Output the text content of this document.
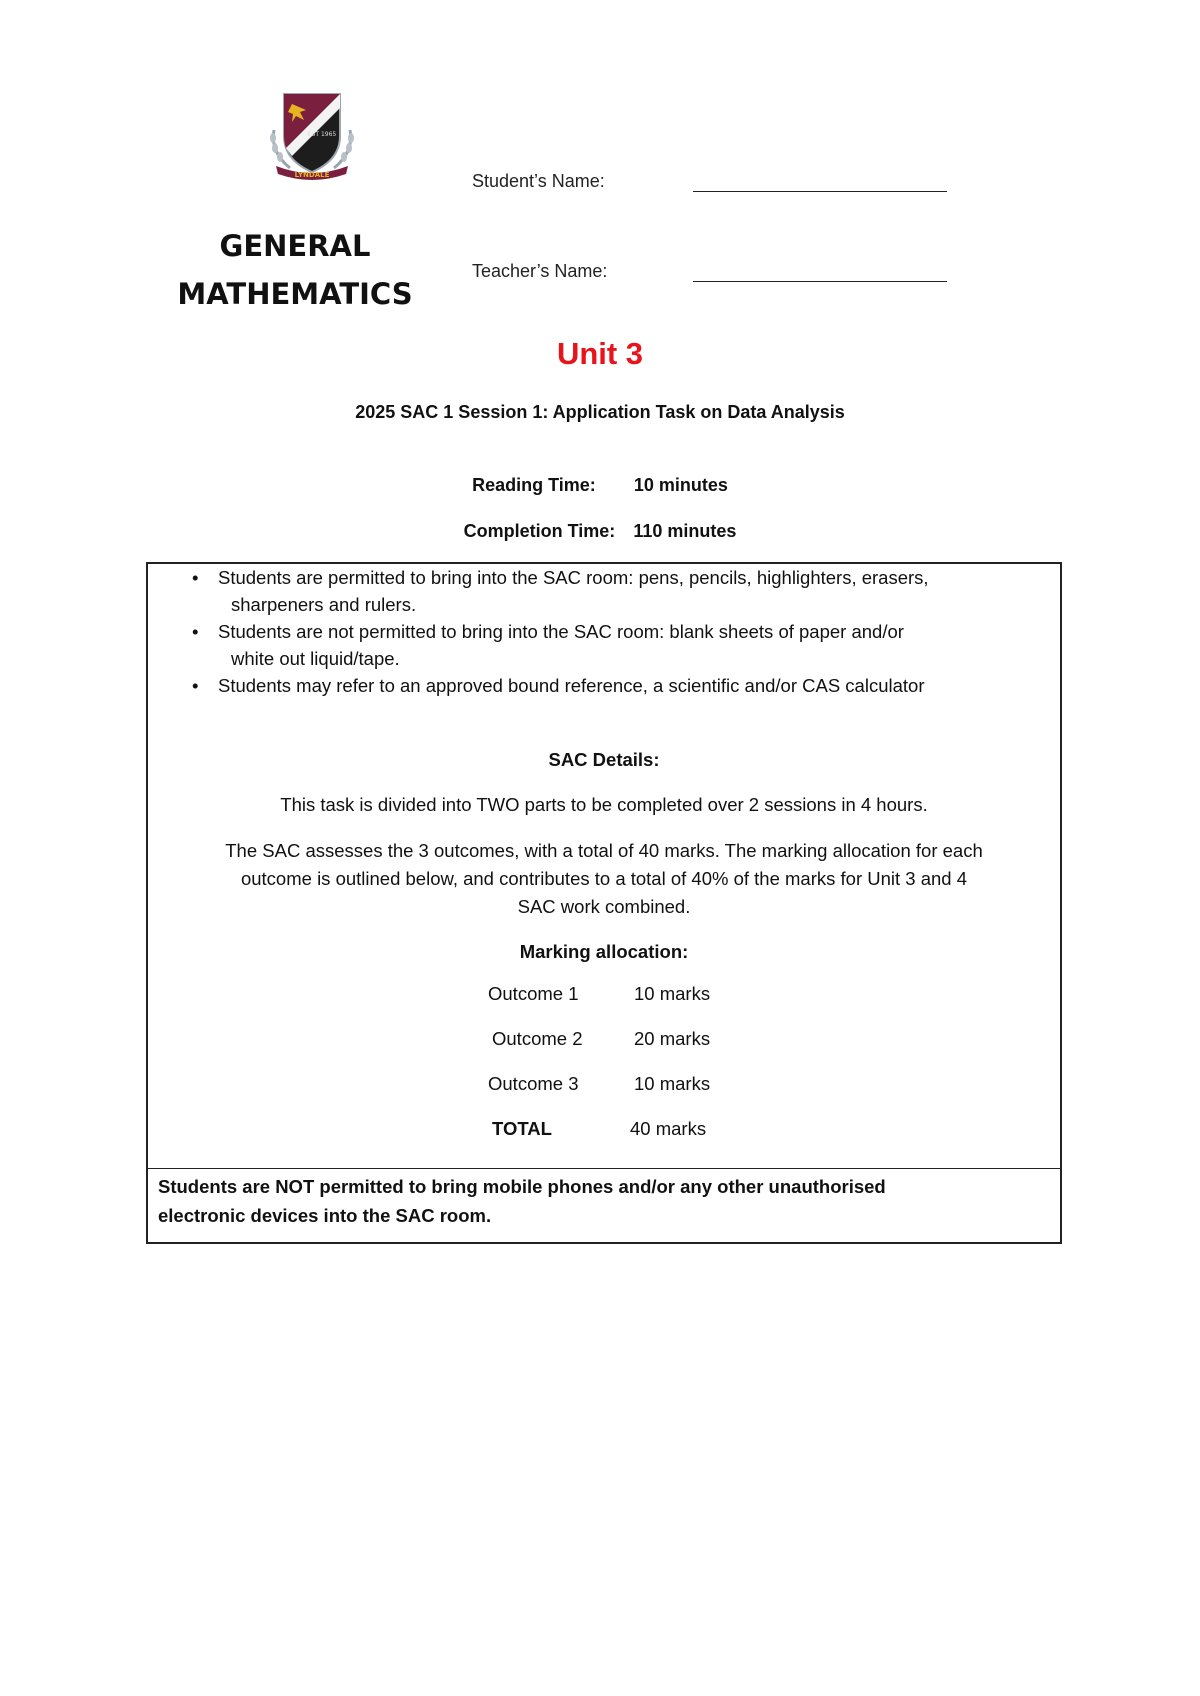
EST 1965
LYNDALE
GENERAL
MATHEMATICS
Student’s Name:
Teacher’s Name:
Unit 3
2025 SAC 1 Session 1: Application Task on Data Analysis
Reading Time: 10 minutes
Completion Time: 110 minutes
• Students are permitted to bring into the SAC room: pens, pencils, highlighters, erasers,
sharpeners and rulers.
• Students are not permitted to bring into the SAC room: blank sheets of paper and/or
white out liquid/tape.
• Students may refer to an approved bound reference, a scientific and/or CAS calculator
SAC Details:
This task is divided into TWO parts to be completed over 2 sessions in 4 hours.
The SAC assesses the 3 outcomes, with a total of 40 marks. The marking allocation for each
outcome is outlined below, and contributes to a total of 40% of the marks for Unit 3 and 4
SAC work combined.
Marking allocation:
Outcome 1	10 marks
Outcome 2	20 marks
Outcome 3	10 marks
TOTAL	40 marks
Students are NOT permitted to bring mobile phones and/or any other unauthorised
electronic devices into the SAC room.
